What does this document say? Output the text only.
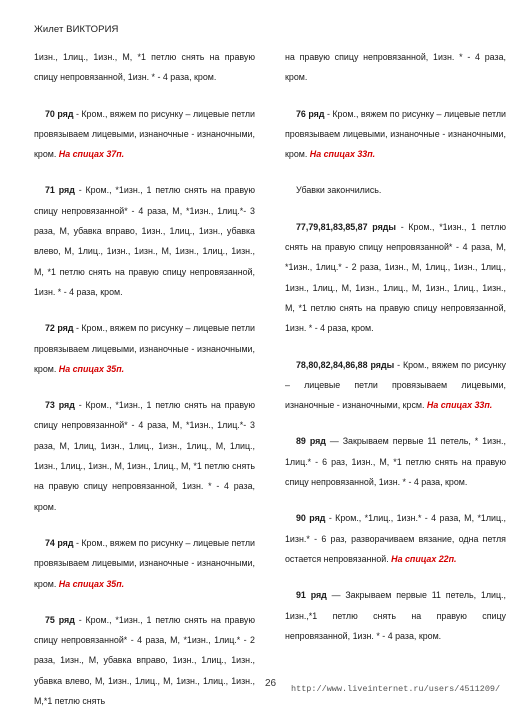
Жилет ВИКТОРИЯ

1изн., 1лиц., 1изн., М, *1 петлю снять на правую спицу непровязанной, 1изн. * - 4 раза, кром.

70 ряд - Кром., вяжем по рисунку – лицевые петли провязываем лицевыми, изнаночные - изнаночными, кром. На спицах 37п.

71 ряд - Кром., *1изн., 1 петлю снять на правую спицу непровязанной* - 4 раза, М, *1изн., 1лиц.*- 3 раза, М, убавка вправо, 1изн., 1лиц., 1изн., убавка влево, М, 1лиц., 1изн., 1изн., М, 1изн., 1лиц., 1изн., М, *1 петлю снять на правую спицу непровязанной, 1изн. * - 4 раза, кром.

72 ряд - Кром., вяжем по рисунку – лицевые петли провязываем лицевыми, изнаночные - изнаночными, кром. На спицах 35п.

73 ряд - Кром., *1изн., 1 петлю снять на правую спицу непровязанной* - 4 раза, М, *1изн., 1лиц.*- 3 раза, М, 1лиц, 1изн., 1лиц., 1изн., 1лиц., М, 1лиц., 1изн., 1лиц., 1изн., М, 1изн., 1лиц., М, *1 петлю снять на правую спицу непровязанной, 1изн. * - 4 раза, кром.

74 ряд - Кром., вяжем по рисунку – лицевые петли провязываем лицевыми, изнаночные - изнаночными, кром. На спицах 35п.

75 ряд - Кром., *1изн., 1 петлю снять на правую спицу непровязанной* - 4 раза, М, *1изн., 1лиц.* - 2 раза, 1изн., М, убавка вправо, 1изн., 1лиц., 1изн., убавка влево, М, 1изн., 1лиц., М, 1изн., 1лиц., 1изн., М,*1 петлю снять

на правую спицу непровязанной, 1изн. * - 4 раза, кром.

76 ряд - Кром., вяжем по рисунку – лицевые петли провязываем лицевыми, изнаночные - изнаночными, кром. На спицах 33п.

Убавки закончились.

77,79,81,83,85,87 ряды - Кром., *1изн., 1 петлю снять на правую спицу непровязанной* - 4 раза, М, *1изн., 1лиц.* - 2 раза, 1изн., М, 1лиц., 1изн., 1лиц., 1изн., 1лиц., М, 1изн., 1лиц., М, 1изн., 1лиц., 1изн., М, *1 петлю снять на правую спицу непровязанной, 1изн. * - 4 раза, кром.

78,80,82,84,86,88 ряды - Кром., вяжем по рисунку – лицевые петли провязываем лицевыми, изнаночные - изнаночными, крсм. На спицах 33п.

89 ряд — Закрываем первые 11 петель, * 1изн., 1лиц.* - 6 раз, 1изн., М, *1 петлю снять на правую спицу непровязанной, 1изн. * - 4 раза, кром.

90 ряд - Кром., *1лиц., 1изн.* - 4 раза, М, *1лиц., 1изн.* - 6 раз, разворачиваем вязание, одна петля остается непровязанной. На спицах 22п.

91 ряд — Закрываем первые 11 петель, 1лиц., 1изн.,*1 петлю снять на правую спицу непровязанной, 1изн. * - 4 раза, кром.

26 http://www.liveinternet.ru/users/4511209/
